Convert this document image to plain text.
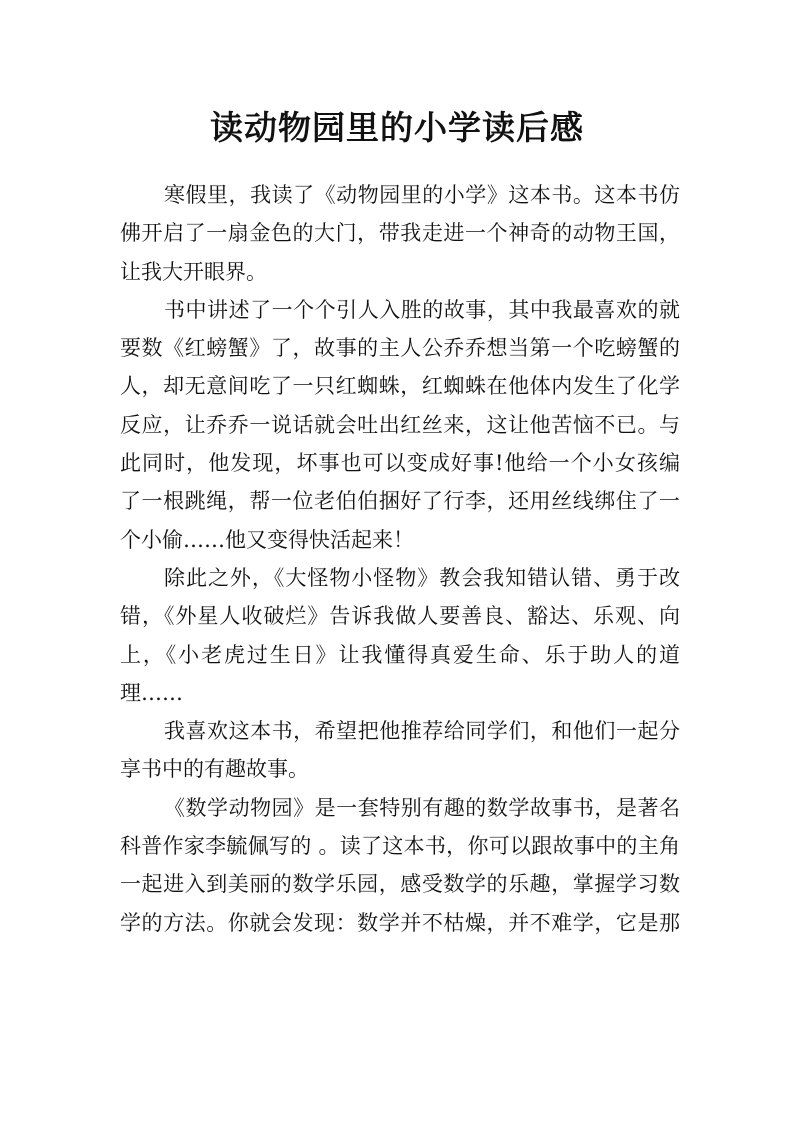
读动物园里的小学读后感
寒假里，我读了《动物园里的小学》这本书。这本书仿
佛开启了一扇金色的大门，带我走进一个神奇的动物王国，
让我大开眼界。
书中讲述了一个个引人入胜的故事，其中我最喜欢的就
要数《红螃蟹》了，故事的主人公乔乔想当第一个吃螃蟹的
人，却无意间吃了一只红蜘蛛，红蜘蛛在他体内发生了化学
反应，让乔乔一说话就会吐出红丝来，这让他苦恼不已。与
此同时，他发现，坏事也可以变成好事!他给一个小女孩编
了一根跳绳，帮一位老伯伯捆好了行李，还用丝线绑住了一
个小偷……他又变得快活起来！
除此之外，《大怪物小怪物》教会我知错认错、勇于改
错，《外星人收破烂》告诉我做人要善良、豁达、乐观、向
上，《小老虎过生日》让我懂得真爱生命、乐于助人的道
理……
我喜欢这本书，希望把他推荐给同学们，和他们一起分
享书中的有趣故事。
《数学动物园》是一套特别有趣的数学故事书，是著名
科普作家李毓佩写的 。读了这本书，你可以跟故事中的主角
一起进入到美丽的数学乐园，感受数学的乐趣，掌握学习数
学的方法。你就会发现：数学并不枯燥，并不难学，它是那
